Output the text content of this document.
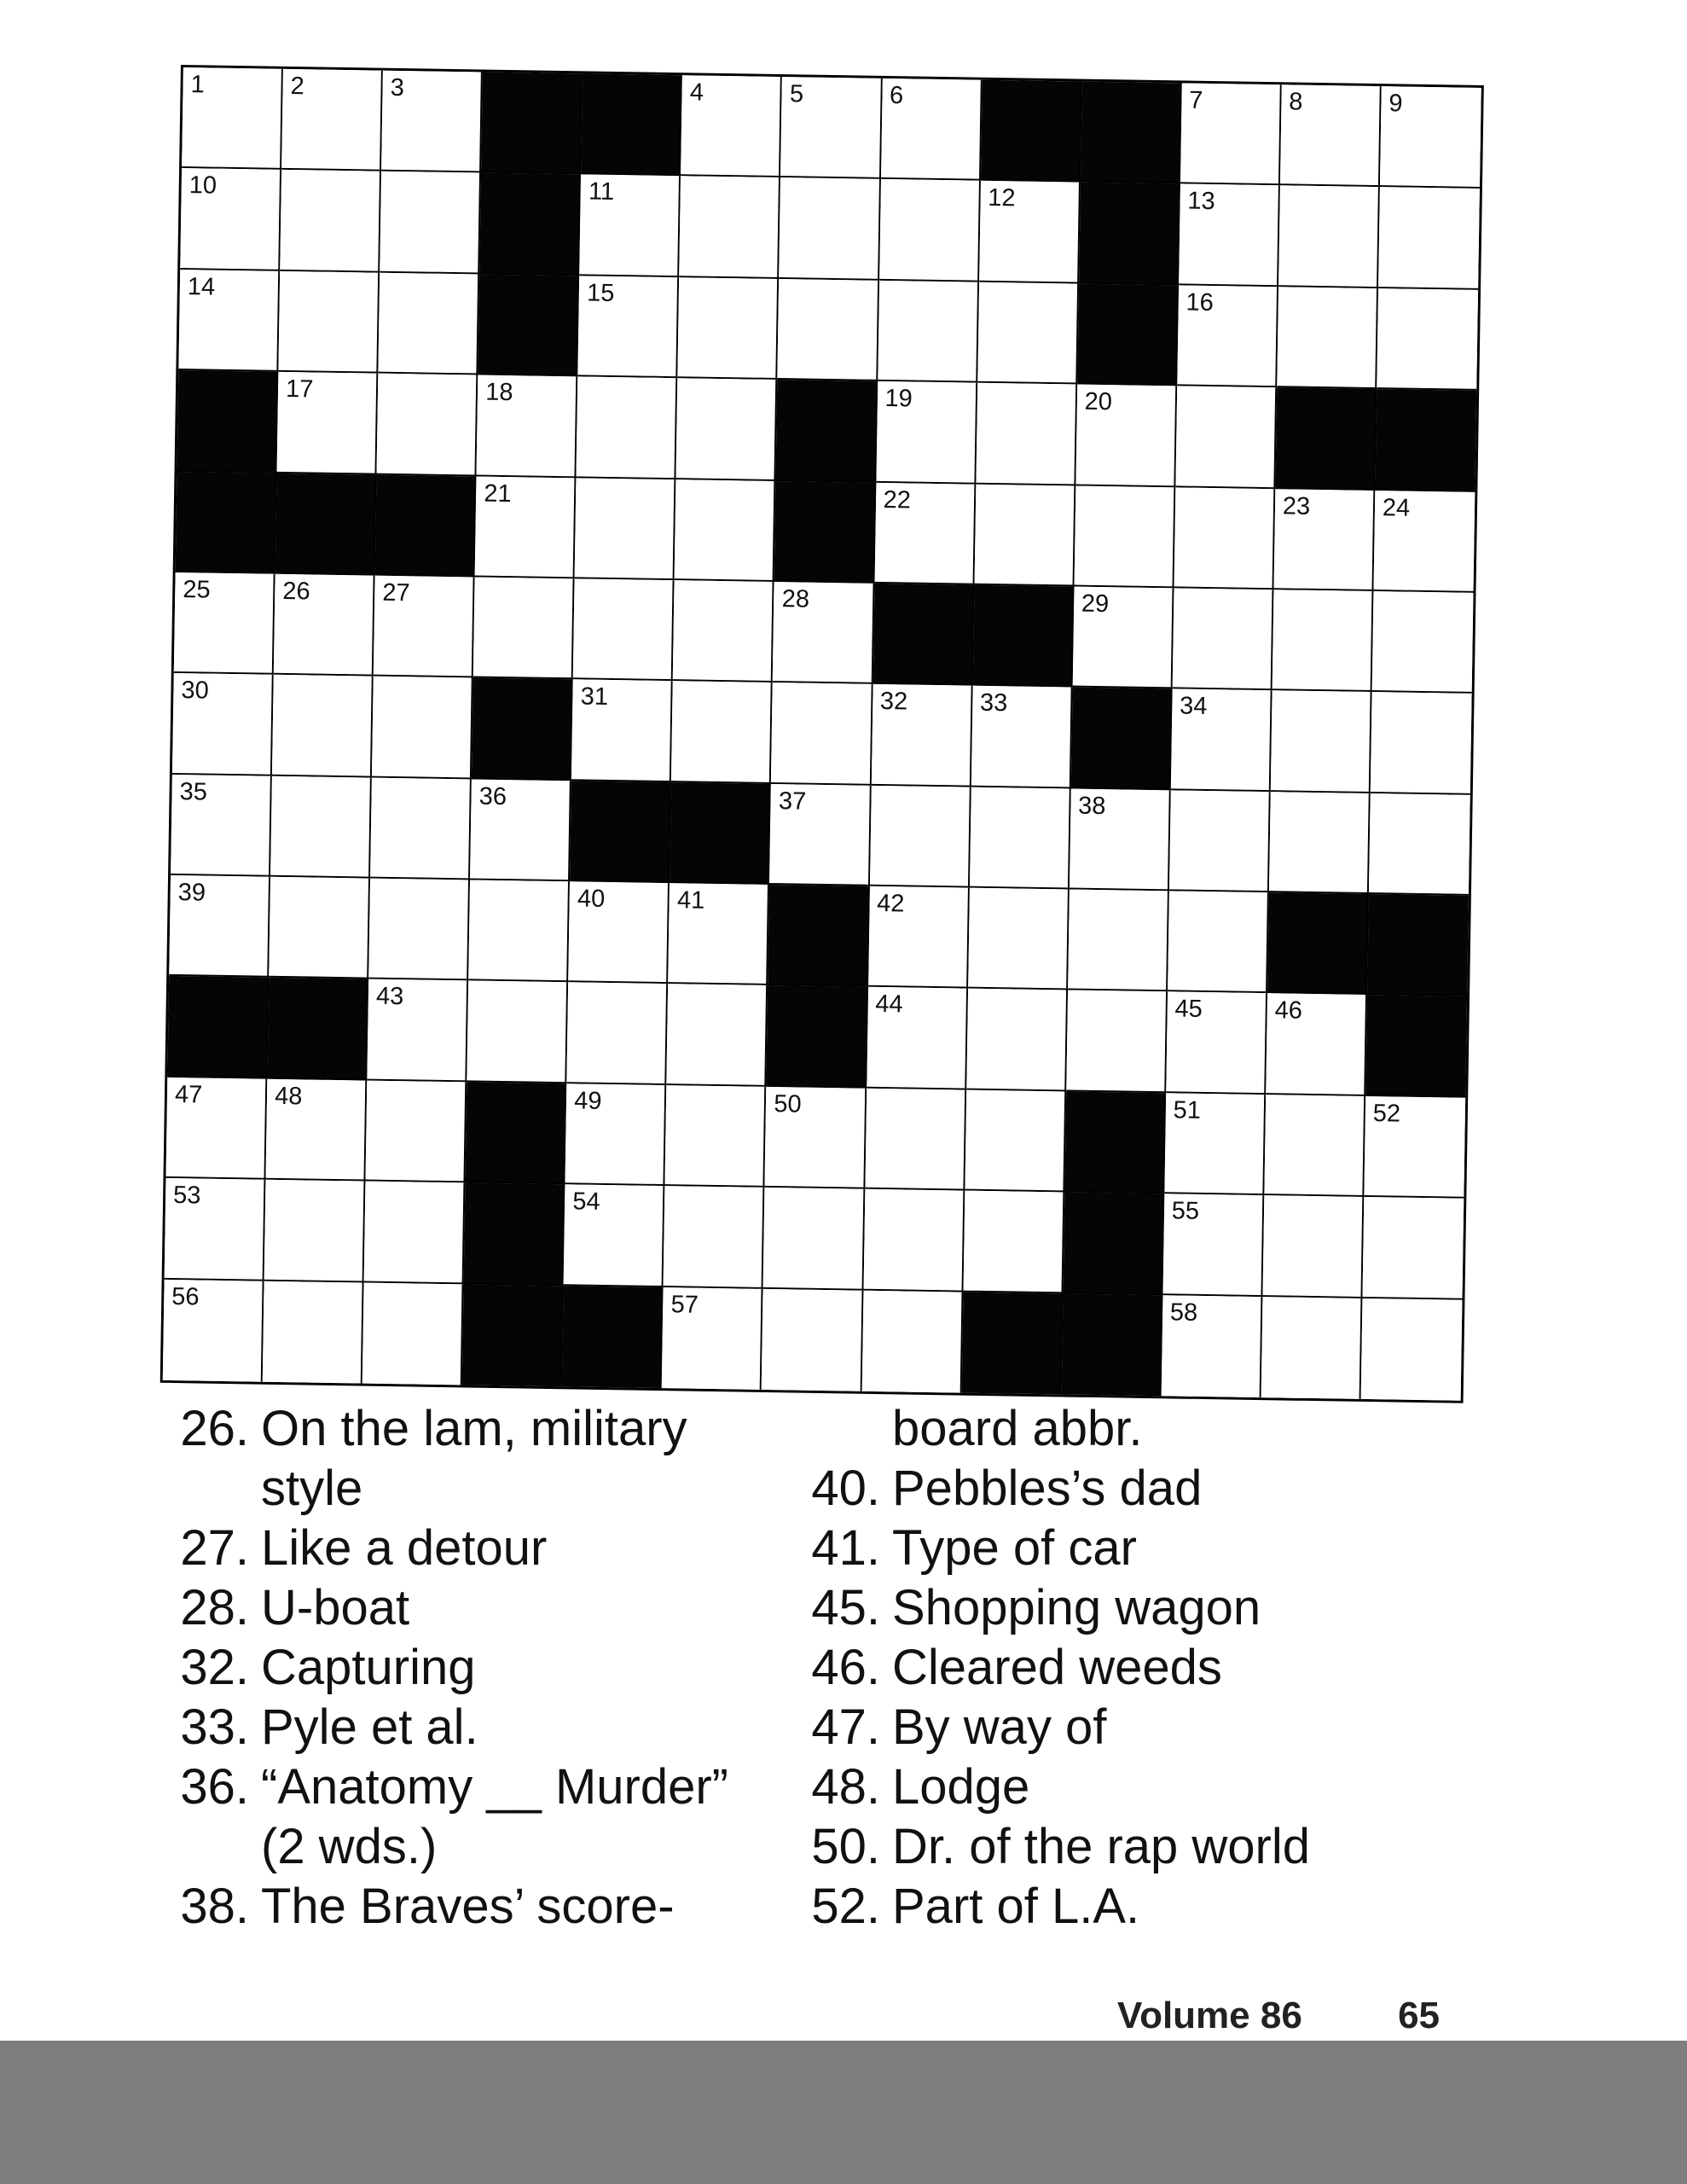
1	2	3	4	5	6	7	8	9
10	11	12	13
14	15	16
17	18	19	20
21	22	23	24
25	26	27	28	29
30	31	32	33	34
35	36	37	38
39	40	41	42
43	44	45	46
47	48	49	50	51	52
53	54	55
56	57	58
26. On the lam, military
style
27. Like a detour
28. U-boat
32. Capturing
33. Pyle et al.
36. “Anatomy __ Murder”
(2 wds.)
38. The Braves’ score-
board abbr.
40. Pebbles’s dad
41. Type of car
45. Shopping wagon
46. Cleared weeds
47. By way of
48. Lodge
50. Dr. of the rap world
52. Part of L.A.
Volume 86	65
